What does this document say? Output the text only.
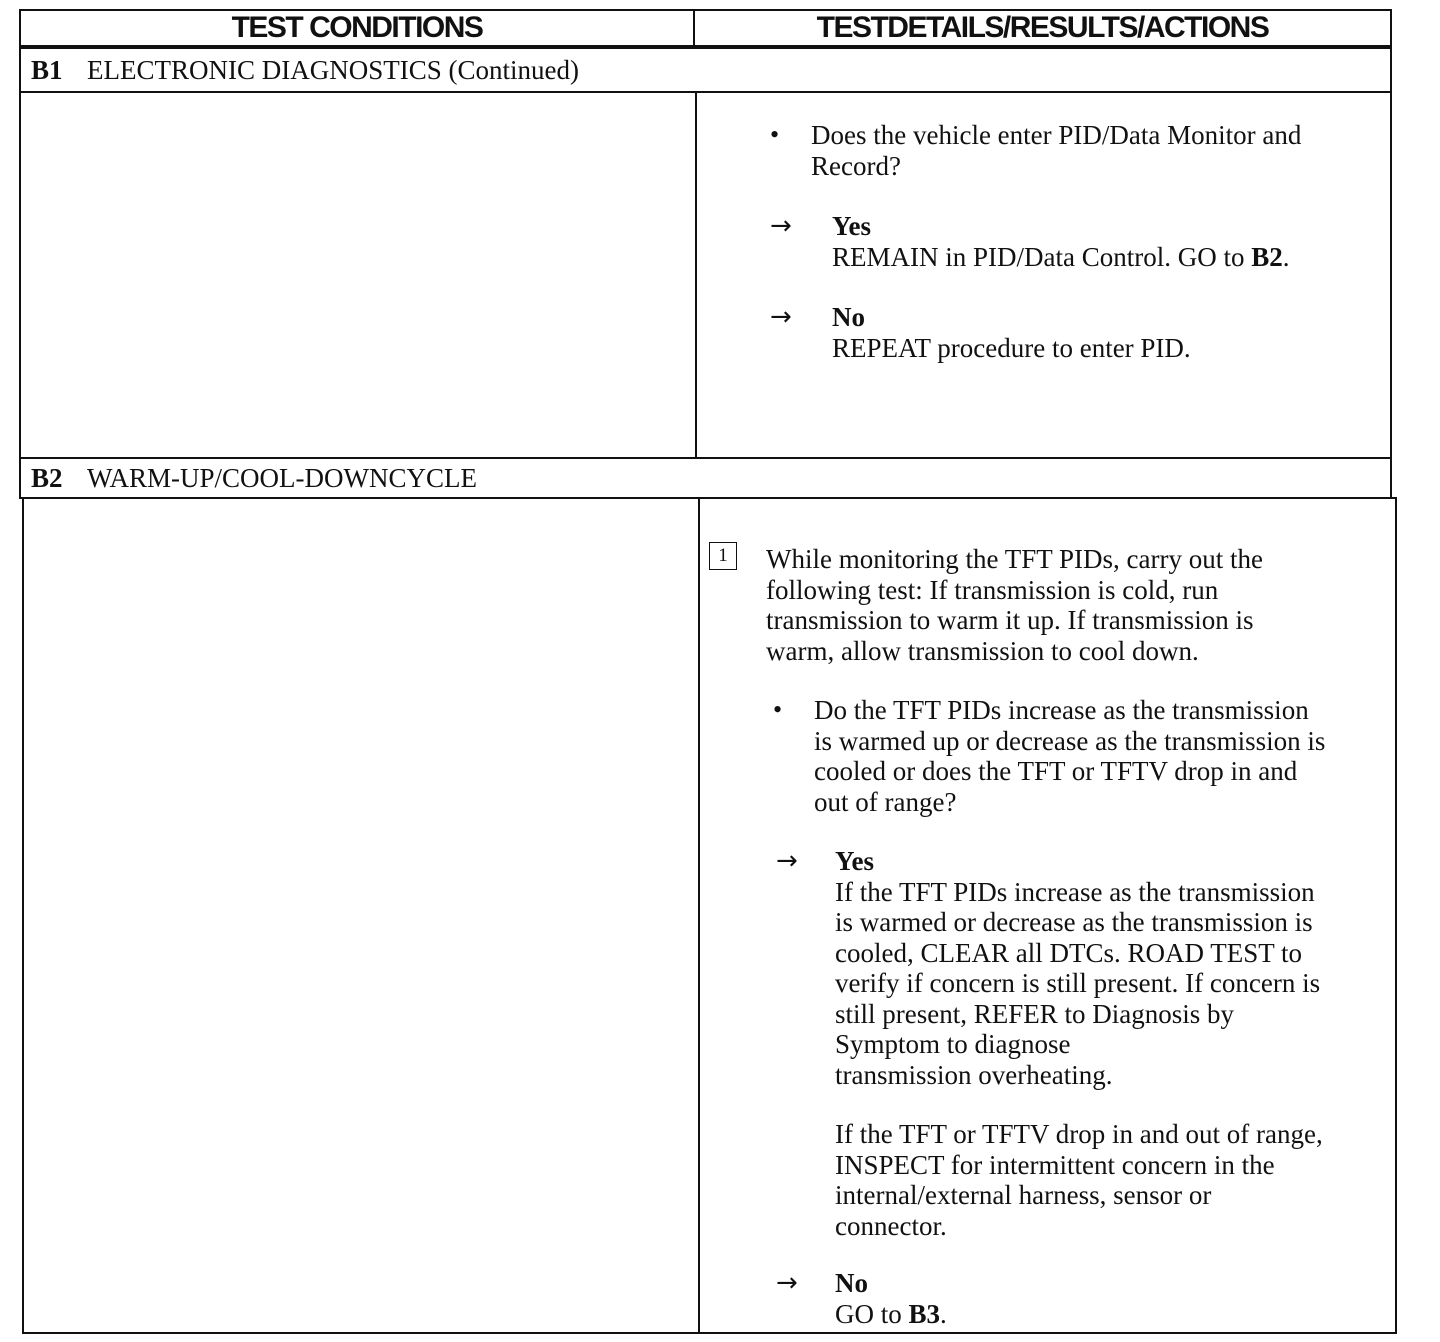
TEST CONDITIONS	TESTDETAILS/RESULTS/ACTIONS
B1 ELECTRONIC DIAGNOSTICS (Continued)
• Does the vehicle enter PID/Data Monitor and
Record?
→ Yes
REMAIN in PID/Data Control. GO to B2.
→ No
REPEAT procedure to enter PID.
B2 WARM-UP/COOL-DOWNCYCLE
1	While monitoring the TFT PIDs, carry out the
following test: If transmission is cold, run
transmission to warm it up. If transmission is
warm, allow transmission to cool down.
• Do the TFT PIDs increase as the transmission
is warmed up or decrease as the transmission is
cooled or does the TFT or TFTV drop in and
out of range?
→ Yes
If the TFT PIDs increase as the transmission
is warmed or decrease as the transmission is
cooled, CLEAR all DTCs. ROAD TEST to
verify if concern is still present. If concern is
still present, REFER to Diagnosis by
Symptom to diagnose
transmission overheating.
If the TFT or TFTV drop in and out of range,
INSPECT for intermittent concern in the
internal/external harness, sensor or
connector.
→ No
GO to B3.
